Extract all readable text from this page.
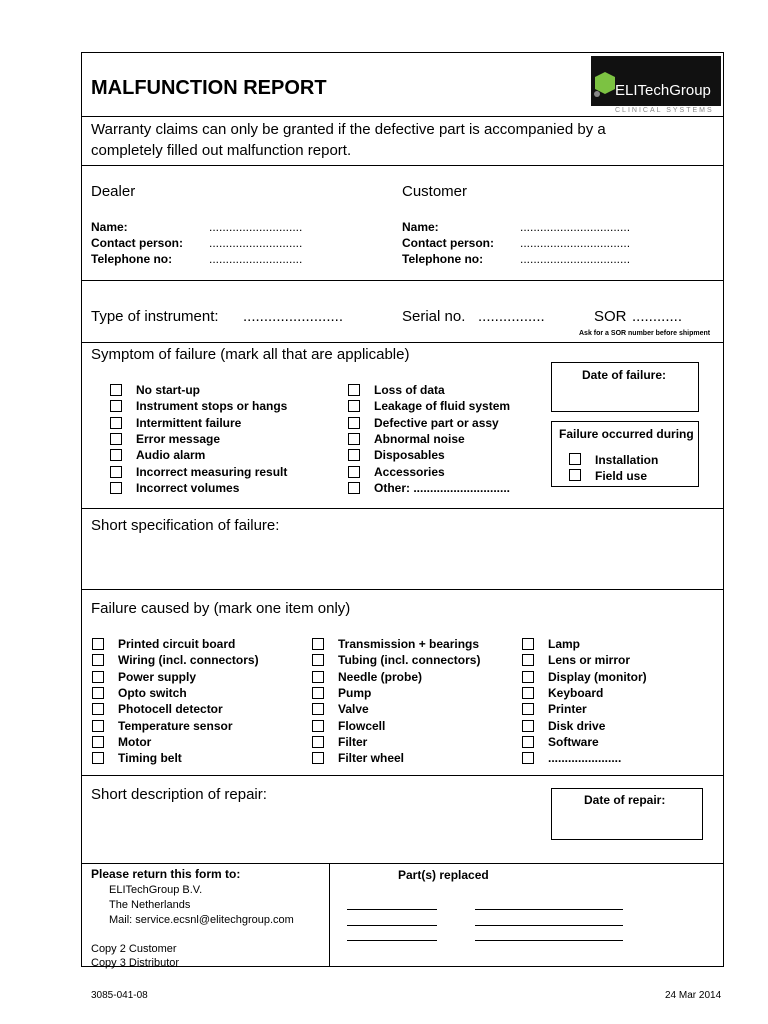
MALFUNCTION REPORT	ELITechGroup
CLINICAL SYSTEMS
Warranty claims can only be granted if the defective part is accompanied by a
completely filled out malfunction report.
Dealer
Name:	............................
Contact person: ............................
Telephone no:	............................
Customer
Name:	.................................
Contact person: .................................
Telephone no:	.................................
Type of instrument: ........................	Serial no. ................	SOR ............
Ask for a SOR number before shipment
Symptom of failure (mark all that are applicable)
No start-up
Instrument stops or hangs
Intermittent failure
Error message
Audio alarm
Incorrect measuring result
Incorrect volumes
Loss of data
Leakage of fluid system
Defective part or assy
Abnormal noise
Disposables
Accessories
Other: .............................
Date of failure:
Failure occurred during
Installation
Field use
Short specification of failure:
Failure caused by (mark one item only)
Printed circuit board
Wiring (incl. connectors)
Power supply
Opto switch
Photocell detector
Temperature sensor
Motor
Timing belt
Transmission + bearings
Tubing (incl. connectors)
Needle (probe)
Pump
Valve
Flowcell
Filter
Filter wheel
Lamp
Lens or mirror
Display (monitor)
Keyboard
Printer
Disk drive
Software
......................
Short description of repair:	Date of repair:
Please return this form to:
ELITechGroup B.V.
The Netherlands
Mail: service.ecsnl@elitechgroup.com
Copy 2 Customer
Copy 3 Distributor
Part(s) replaced
3085-041-08	24 Mar 2014
